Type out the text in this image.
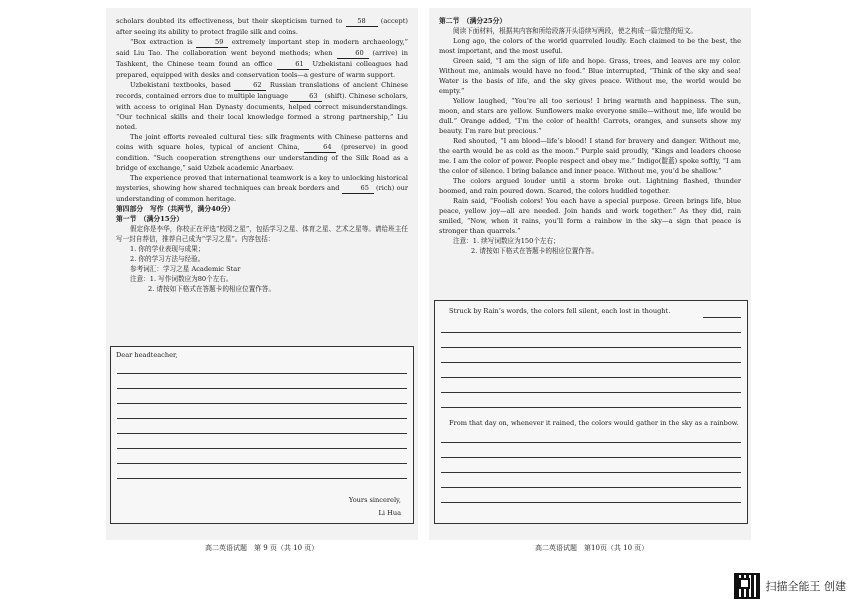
scholars doubted its effectiveness, but their skepticism turned to 58 (accept) after seeing its ability to protect fragile silk and coins.

“Box extraction is	59 extremely important step in modern archaeology,” said Liu Tao. The collaboration went beyond methods; when	60 (arrive) in Tashkent, the Chinese team found an office	61 Uzbekistani colleagues had prepared, equipped with desks and conservation tools—a gesture of warm support.

Uzbekistani textbooks, based	62 Russian translations of ancient Chinese records, contained errors due to multiple language	63 (shift). Chinese scholars, with access to original Han Dynasty documents, helped correct misunderstandings. “Our technical skills and their local knowledge formed a strong partnership,” Liu noted.

The joint efforts revealed cultural ties: silk fragments with Chinese patterns and coins with square holes, typical of ancient China,	64 (preserve) in good condition. “Such cooperation strengthens our understanding of the Silk Road as a bridge of exchange,” said Uzbek academic Anarbaev.

The experience proved that international teamwork is a key to unlocking historical mysteries, showing how shared techniques can break borders and	65 (rich) our understanding of common heritage.

第四部分　写作（共两节，满分40分）

第一节　（满分15分）

假定你是李华，你校正在评选“校园之星”，包括学习之星、体育之星、艺术之星等。请给班主任写一封自荐信，推荐自己成为“学习之星”。内容包括：

1. 你的学业表现与成果；

2. 你的学习方法与经验。

参考词汇：学习之星 Academic Star

注意：1. 写作词数应为80个左右。

2. 请按如下格式在答题卡的相应位置作答。

Dear headteacher,
Yours sincerely,
Li Hua
高二英语试题　第 9 页（共 10 页）

第二节　（满分25分）

阅读下面材料，根据其内容和所给段落开头语续写两段，使之构成一篇完整的短文。

Long ago, the colors of the world quarreled loudly. Each claimed to be the best, the most important, and the most useful.

Green said, “I am the sign of life and hope. Grass, trees, and leaves are my color. Without me, animals would have no food.” Blue interrupted, “Think of the sky and sea! Water is the basis of life, and the sky gives peace. Without me, the world would be empty.”

Yellow laughed, “You’re all too serious! I bring warmth and happiness. The sun, moon, and stars are yellow. Sunflowers make everyone smile—without me, life would be dull.” Orange added, “I’m the color of health! Carrots, oranges, and sunsets show my beauty. I’m rare but precious.”

Red shouted, “I am blood—life’s blood! I stand for bravery and danger. Without me, the earth would be as cold as the moon.” Purple said proudly, “Kings and leaders choose me. I am the color of power. People respect and obey me.” Indigo(靛蓝) spoke softly, “I am the color of silence. I bring balance and inner peace. Without me, you’d be shallow.”

The colors argued louder until a storm broke out. Lightning flashed, thunder boomed, and rain poured down. Scared, the colors huddled together.

Rain said, “Foolish colors! You each have a special purpose. Green brings life, blue peace, yellow joy—all are needed. Join hands and work together.” As they did, rain smiled, “Now, when it rains, you’ll form a rainbow in the sky—a sign that peace is stronger than quarrels.”

注意：1. 续写词数应为150个左右；

2. 请按如下格式在答题卡的相应位置作答。

Struck by Rain’s words, the colors fell silent, each lost in thought.
From that day on, whenever it rained, the colors would gather in the sky as a rainbow.
高二英语试题　第10页（共 10 页）
扫描全能王 创建
